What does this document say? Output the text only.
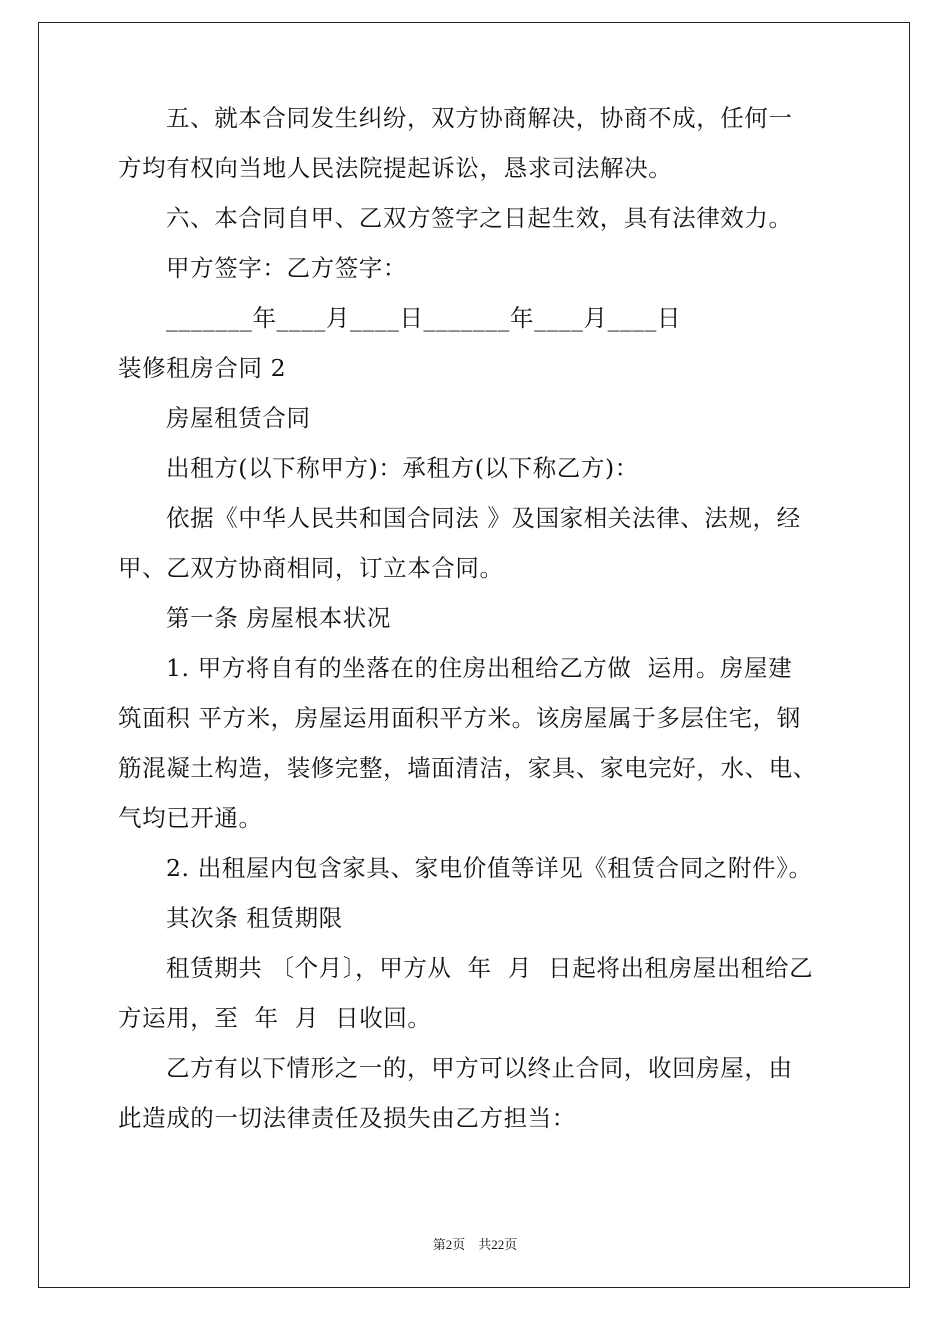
五、就本合同发生纠纷，双方协商解决，协商不成，任何一
方均有权向当地人民法院提起诉讼，恳求司法解决。
六、本合同自甲、乙双方签字之日起生效，具有法律效力。
甲方签字：乙方签字：
_______年____月____日_______年____月____日
装修租房合同 2
房屋租赁合同
出租方(以下称甲方)：承租方(以下称乙方)：
依据《中华人民共和国合同法 》及国家相关法律、法规，经
甲、乙双方协商相同，订立本合同。
第一条 房屋根本状况
1. 甲方将自有的坐落在的住房出租给乙方做  运用。房屋建
筑面积 平方米，房屋运用面积平方米。该房屋属于多层住宅，钢
筋混凝土构造，装修完整，墙面清洁，家具、家电完好，水、电、
气均已开通。
2. 出租屋内包含家具、家电价值等详见《租赁合同之附件》。
其次条 租赁期限
租赁期共 〔个月〕，甲方从  年  月  日起将出租房屋出租给乙
方运用，至  年  月  日收回。
乙方有以下情形之一的，甲方可以终止合同，收回房屋，由
此造成的一切法律责任及损失由乙方担当：
第2页    共22页
